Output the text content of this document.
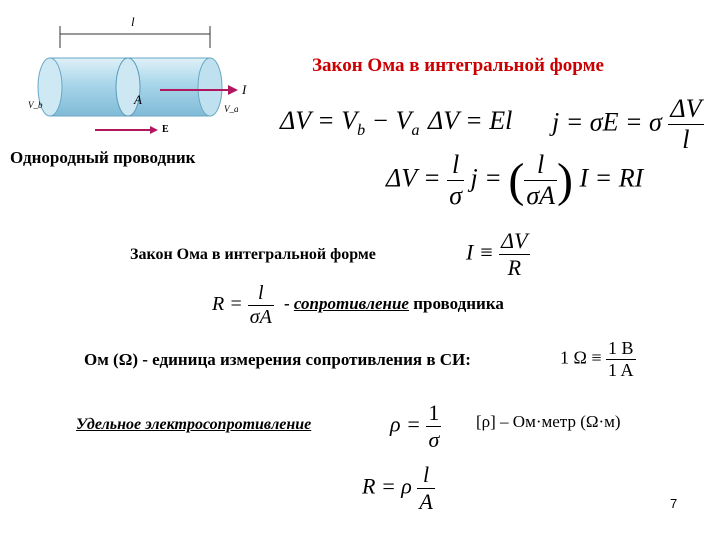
l
A
I
V_b	V_a
E
Закон Ома в интегральной форме
$\Delta V = V_b - V_a$ ΔV = El j = σE = σ $\frac{\Delta V}{l}$
Однородный проводник
$\Delta V = \frac{l}{\sigma}$ j = ( $\frac{l}{\sigma A}$ ) I = RI
Закон Ома в интегральной форме	$I \equiv \frac{\Delta V}{R}$
$R = \frac{l}{\sigma A}$ - сопротивление проводника
Ом (Ω) - единица измерения сопротивления в СИ:	1 $\Omega \equiv \frac{1 B}{1 A}$
Удельное электросопротивление	$\rho = \frac{1}{\sigma} [\rho]$ – Ом·метр (Ω·м)
R = ρ $\frac{l}{A}$	7
